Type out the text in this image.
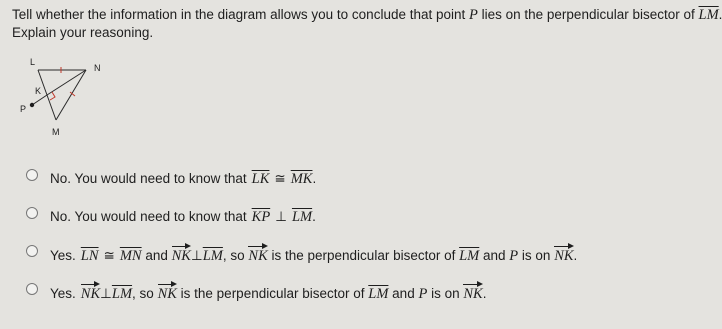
Tell whether the information in the diagram allows you to conclude that point P lies on the perpendicular bisector of $\overline{LM}$
Explain your reasoning.
L
N
K
P
M
No. You would need to know that $\overline{LK}$ ≅ $\overline{MK}$ .
No. You would need to know that $\overline{KP}$ ⊥ $\overline{LM}$ .
Yes. $\overline{LN}$ ≅ $\overline{MN}$ and NK ⊥ $\overline{LM}$ , so NK is the perpendicular bisector of $\overline{LM}$ and P is on NK .
Yes. NK ⊥ $\overline{LM}$ , so NK is the perpendicular bisector of $\overline{LM}$ and P is on NK .
